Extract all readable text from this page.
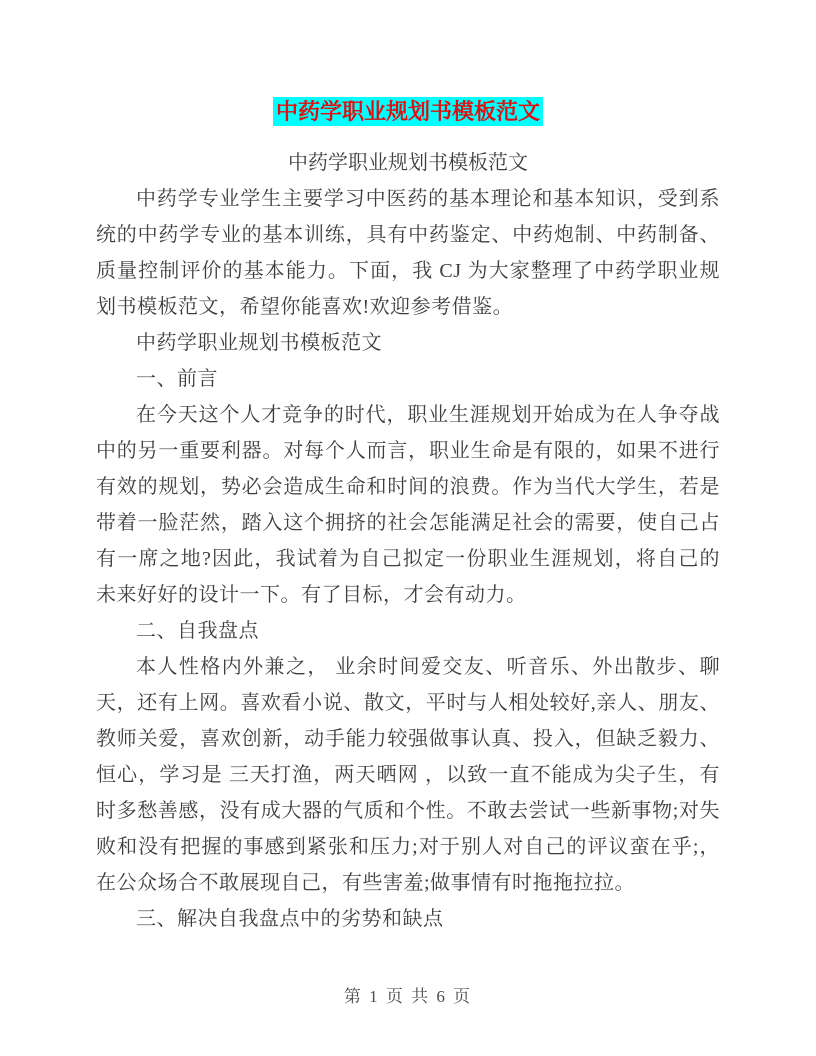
中药学职业规划书模板范文
中药学职业规划书模板范文

中药学专业学生主要学习中医药的基本理论和基本知识，受到系统的中药学专业的基本训练，具有中药鉴定、中药炮制、中药制备、质量控制评价的基本能力。下面，我 CJ 为大家整理了中药学职业规划书模板范文，希望你能喜欢!欢迎参考借鉴。

中药学职业规划书模板范文

一、前言

在今天这个人才竞争的时代，职业生涯规划开始成为在人争夺战中的另一重要利器。对每个人而言，职业生命是有限的，如果不进行有效的规划，势必会造成生命和时间的浪费。作为当代大学生，若是带着一脸茫然，踏入这个拥挤的社会怎能满足社会的需要，使自己占有一席之地?因此，我试着为自己拟定一份职业生涯规划，将自己的未来好好的设计一下。有了目标，才会有动力。

二、自我盘点

本人性格内外兼之， 业余时间爱交友、听音乐、外出散步、聊天，还有上网。喜欢看小说、散文，平时与人相处较好,亲人、朋友、教师关爱，喜欢创新，动手能力较强做事认真、投入，但缺乏毅力、恒心，学习是 三天打渔，两天晒网 ，以致一直不能成为尖子生，有时多愁善感，没有成大器的气质和个性。不敢去尝试一些新事物;对失败和没有把握的事感到紧张和压力;对于别人对自己的评议蛮在乎;，在公众场合不敢展现自己，有些害羞;做事情有时拖拖拉拉。

三、解决自我盘点中的劣势和缺点

第 1 页 共 6 页
